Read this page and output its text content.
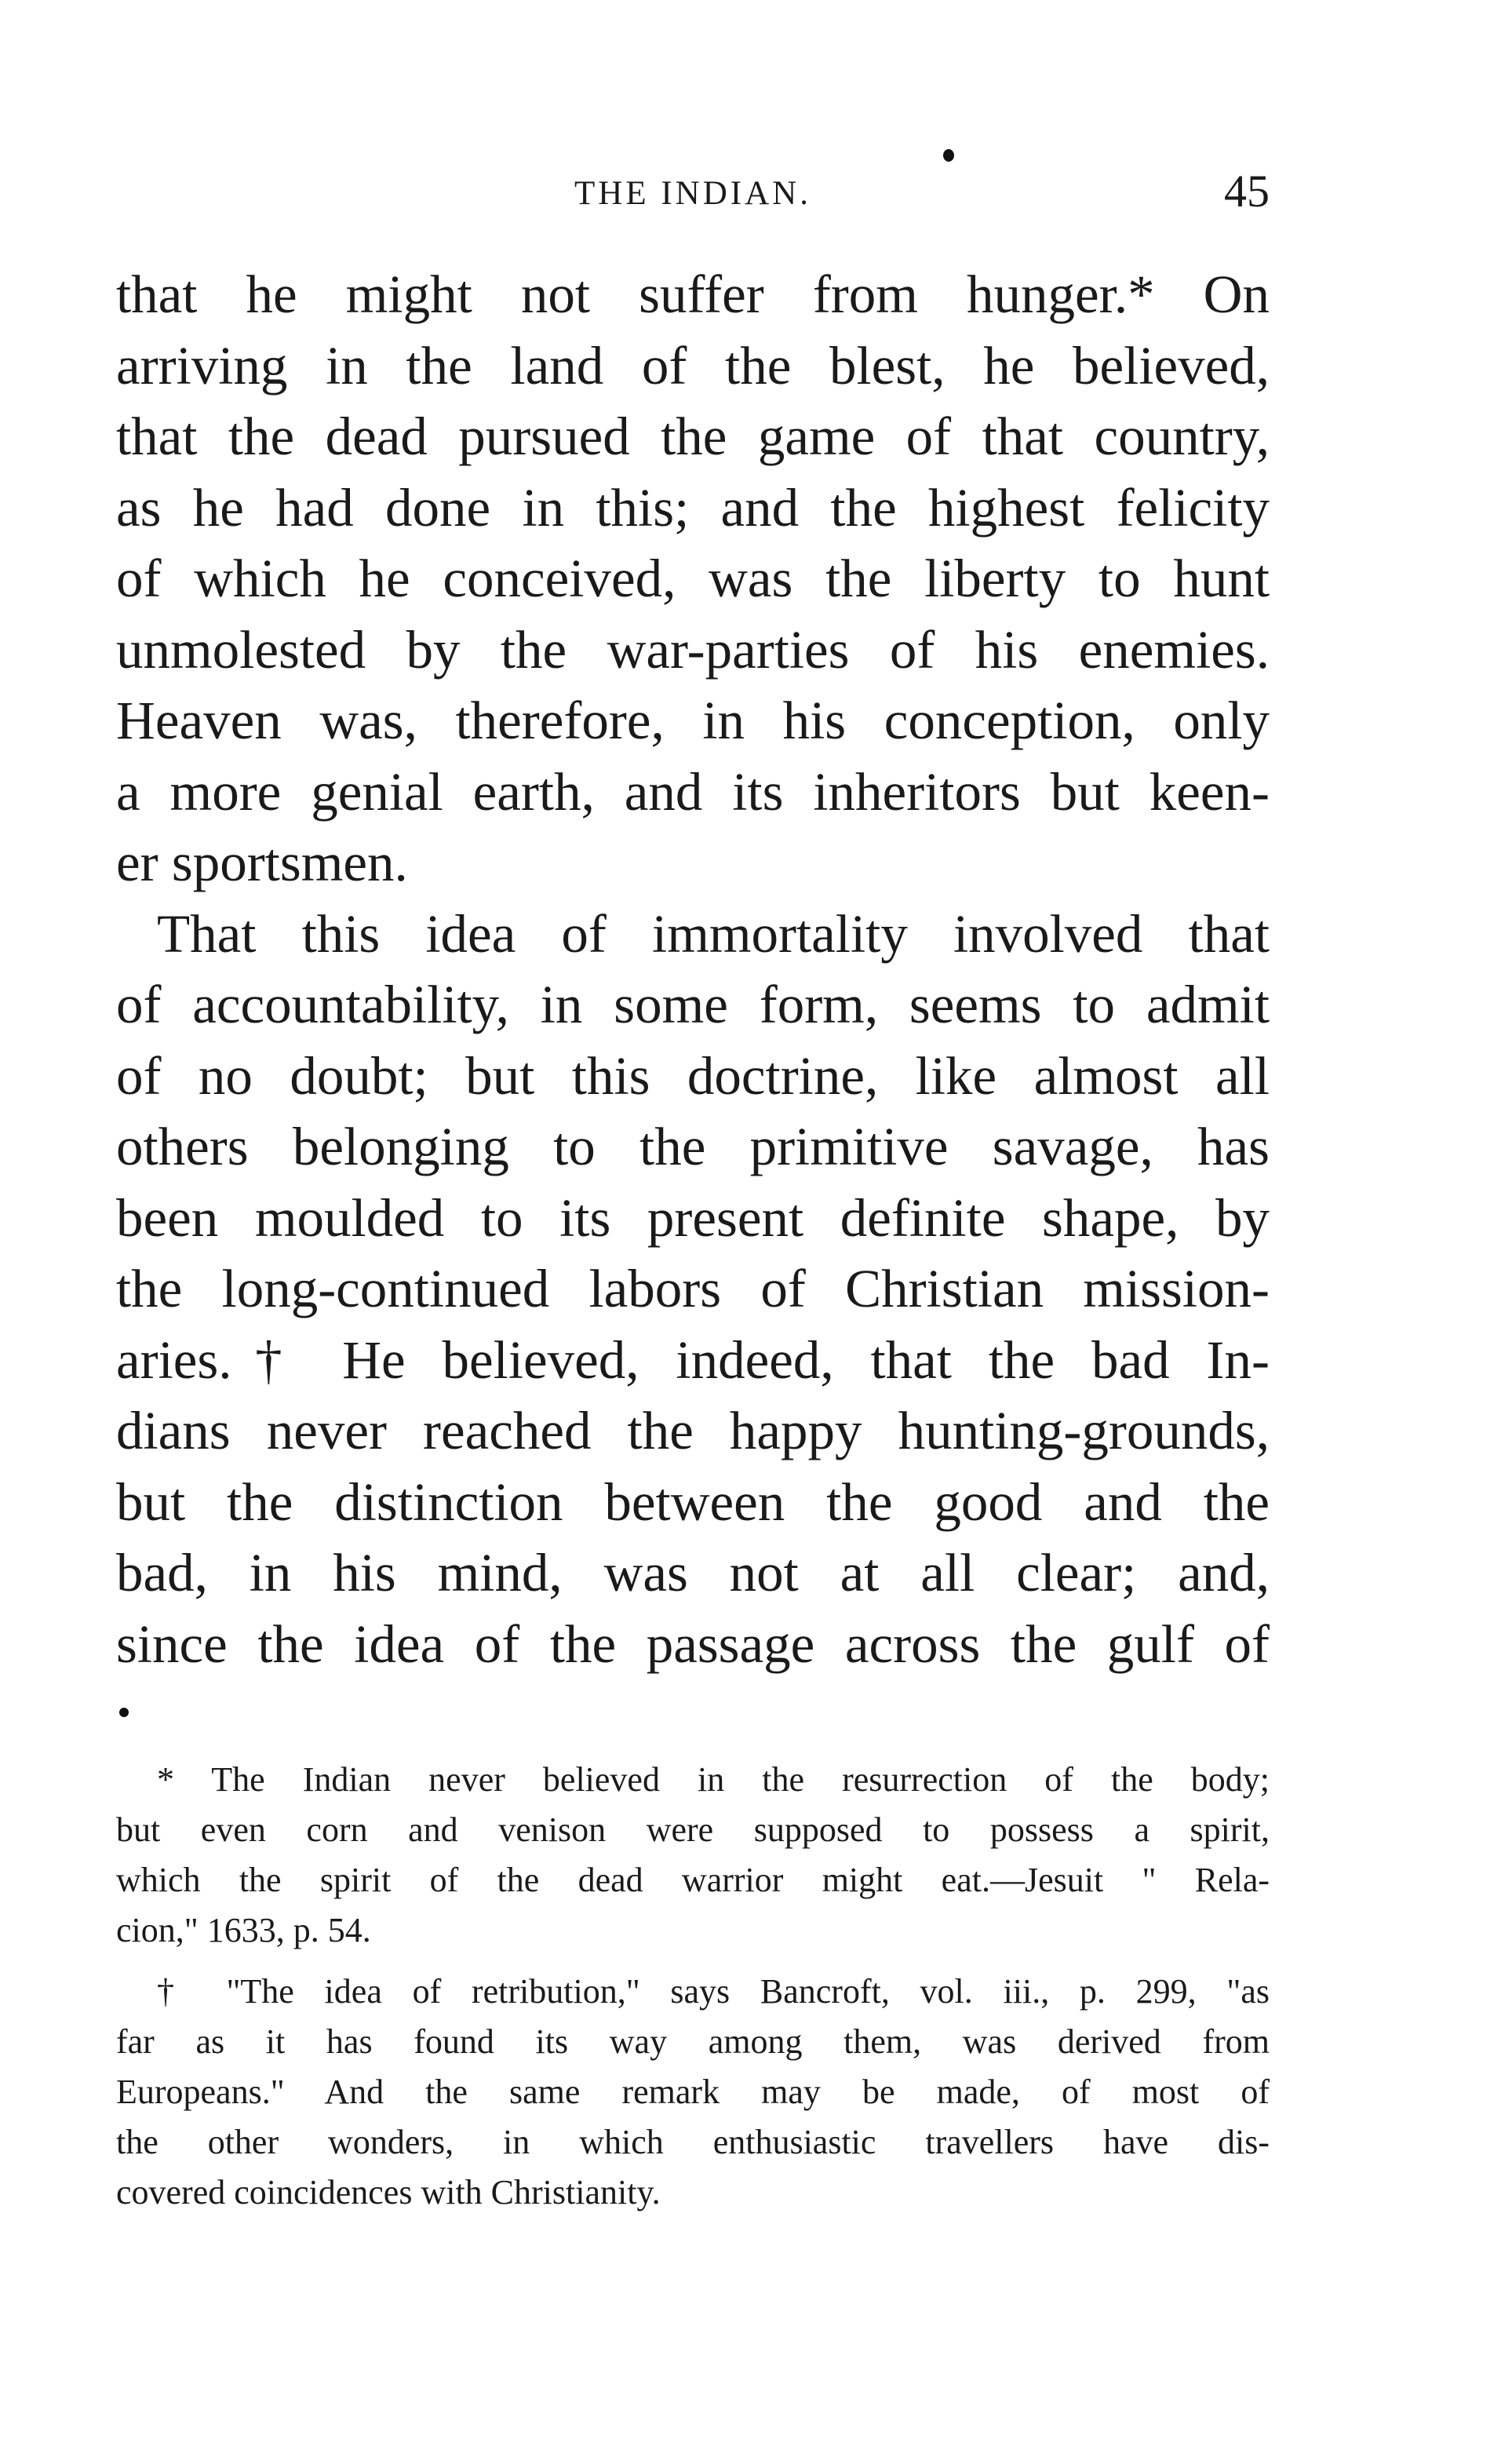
THE INDIAN.	45
that he might not suffer from hunger.* On
arriving in the land of the blest, he believed,
that the dead pursued the game of that country,
as he had done in this; and the highest felicity
of which he conceived, was the liberty to hunt
unmolested by the war-parties of his enemies.
Heaven was, therefore, in his conception, only
a more genial earth, and its inheritors but keen-
er sportsmen.
That this idea of immortality involved that
of accountability, in some form, seems to admit
of no doubt; but this doctrine, like almost all
others belonging to the primitive savage, has
been moulded to its present definite shape, by
the long-continued labors of Christian mission-
aries.† He believed, indeed, that the bad In-
dians never reached the happy hunting-grounds,
but the distinction between the good and the
bad, in his mind, was not at all clear; and,
since the idea of the passage across the gulf of
* The Indian never believed in the resurrection of the body;
but even corn and venison were supposed to possess a spirit,
which the spirit of the dead warrior might eat.—Jesuit " Rela-
cion," 1633, p. 54.
† "The idea of retribution," says Bancroft, vol. iii., p. 299, "as
far as it has found its way among them, was derived from
Europeans." And the same remark may be made, of most of
the other wonders, in which enthusiastic travellers have dis-
covered coincidences with Christianity.
